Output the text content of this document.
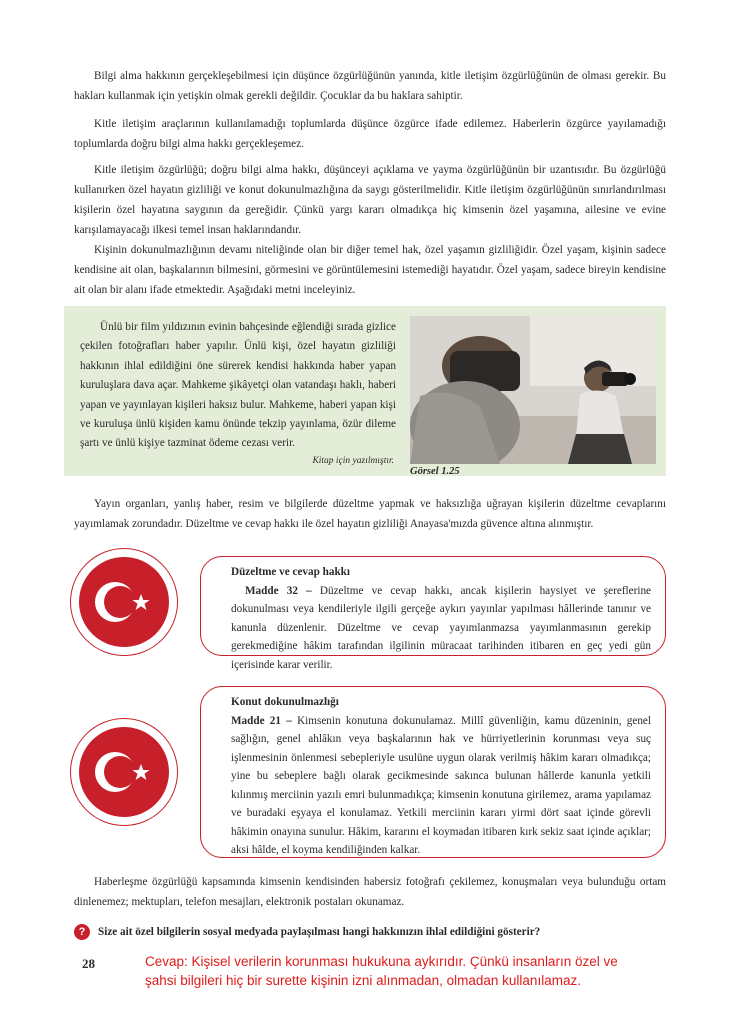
Bilgi alma hakkının gerçekleşebilmesi için düşünce özgürlüğünün yanında, kitle iletişim özgürlüğünün de olması gerekir. Bu hakları kullanmak için yetişkin olmak gerekli değildir. Çocuklar da bu haklara sahiptir.

Kitle iletişim araçlarının kullanılamadığı toplumlarda düşünce özgürce ifade edilemez. Haberlerin özgürce yayılamadığı toplumlarda doğru bilgi alma hakkı gerçekleşemez.

Kitle iletişim özgürlüğü; doğru bilgi alma hakkı, düşünceyi açıklama ve yayma özgürlüğünün bir uzantısıdır. Bu özgürlüğü kullanırken özel hayatın gizliliği ve konut dokunulmazlığına da saygı gösterilmelidir. Kitle iletişim özgürlüğünün sınırlandırılması kişilerin özel hayatına saygının da gereğidir. Çünkü yargı kararı olmadıkça hiç kimsenin özel yaşamına, ailesine ve evine karışılamayacağı ilkesi temel insan haklarındandır.

Kişinin dokunulmazlığının devamı niteliğinde olan bir diğer temel hak, özel yaşamın gizliliğidir. Özel yaşam, kişinin sadece kendisine ait olan, başkalarının bilmesini, görmesini ve görüntülemesini istemediği hayatıdır. Özel yaşam, sadece bireyin kendisine ait olan bir alanı ifade etmektedir. Aşağıdaki metni inceleyiniz.

Ünlü bir film yıldızının evinin bahçesinde eğlendiği sırada gizlice çekilen fotoğrafları haber yapılır. Ünlü kişi, özel hayatın gizliliği hakkının ihlal edildiğini öne sürerek kendisi hakkında haber yapan kuruluşlara dava açar. Mahkeme şikâyetçi olan vatandaşı haklı, haberi yapan ve yayınlayan kişileri haksız bulur. Mahkeme, haberi yapan kişi ve kuruluşa ünlü kişiden kamu önünde tekzip yayınlama, özür dileme şartı ve ünlü kişiye tazminat ödeme cezası verir.

Kitap için yazılmıştır.
Görsel 1.25

Yayın organları, yanlış haber, resim ve bilgilerde düzeltme yapmak ve haksızlığa uğrayan kişilerin düzeltme cevaplarını yayımlamak zorundadır. Düzeltme ve cevap hakkı ile özel hayatın gizliliği Anayasa'mızda güvence altına alınmıştır.

Düzeltme ve cevap hakkı
Madde 32 – Düzeltme ve cevap hakkı, ancak kişilerin haysiyet ve şereflerine dokunulması veya kendileriyle ilgili gerçeğe aykırı yayınlar yapılması hâllerinde tanınır ve kanunla düzenlenir. Düzeltme ve cevap yayımlanmazsa yayımlanmasının gerekip gerekmediğine hâkim tarafından ilgilinin müracaat tarihinden itibaren en geç yedi gün içerisinde karar verilir.
Konut dokunulmazlığı
Madde 21 – Kimsenin konutuna dokunulamaz. Millî güvenliğin, kamu düzeninin, genel sağlığın, genel ahlâkın veya başkalarının hak ve hürriyetlerinin korunması veya suç işlenmesinin önlenmesi sebepleriyle usulüne uygun olarak verilmiş hâkim kararı olmadıkça; yine bu sebeplere bağlı olarak gecikmesinde sakınca bulunan hâllerde kanunla yetkili kılınmış merciinin yazılı emri bulunmadıkça; kimsenin konutuna girilemez, arama yapılamaz ve buradaki eşyaya el konulamaz. Yetkili merciinin kararı yirmi dört saat içinde görevli hâkimin onayına sunulur. Hâkim, kararını el koymadan itibaren kırk sekiz saat içinde açıklar; aksi hâlde, el koyma kendiliğinden kalkar.

Haberleşme özgürlüğü kapsamında kimsenin kendisinden habersiz fotoğrafı çekilemez, konuşmaları veya bulunduğu ortam dinlenemez; mektupları, telefon mesajları, elektronik postaları okunamaz.

?	Size ait özel bilgilerin sosyal medyada paylaşılması hangi hakkınızın ihlal edildiğini gösterir?
28	Cevap: Kişisel verilerin korunması hukukuna aykırıdır. Çünkü insanların özel ve şahsi bilgileri hiç bir surette kişinin izni alınmadan, olmadan kullanılamaz.
